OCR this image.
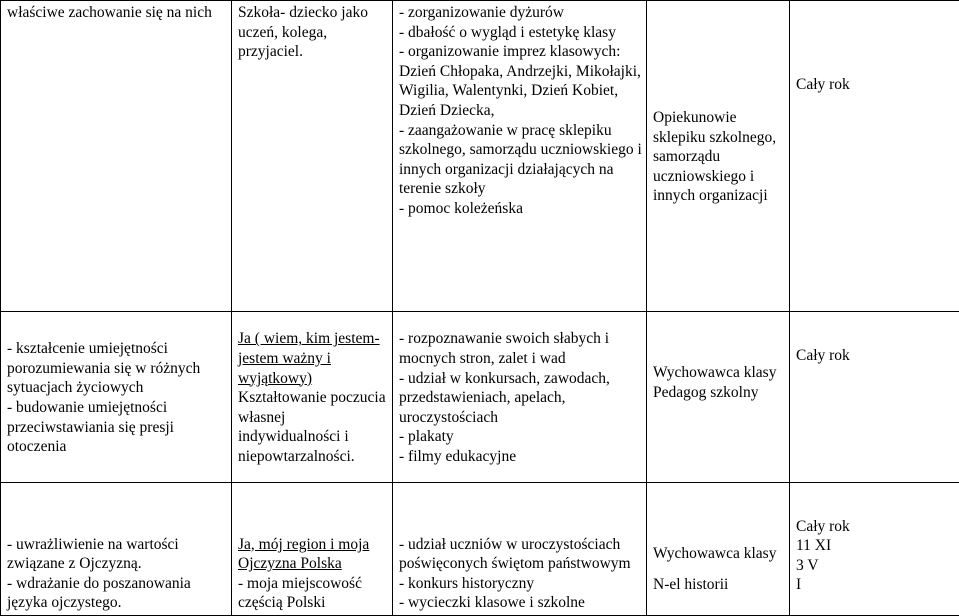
właściwe zachowanie się na nich	Szkoła- dziecko jako uczeń, kolega, przyjaciel.	- zorganizowanie dyżurów
- dbałość o wygląd i estetykę klasy
- organizowanie imprez klasowych: Dzień Chłopaka, Andrzejki, Mikołajki, Wigilia, Walentynki, Dzień Kobiet, Dzień Dziecka,
- zaangażowanie w pracę sklepiku szkolnego, samorządu uczniowskiego i innych organizacji działających na terenie szkoły
- pomoc koleżeńska	Opiekunowie sklepiku szkolnego, samorządu uczniowskiego i innych organizacji	Cały rok

- kształcenie umiejętności porozumiewania się w różnych sytuacjach życiowych
- budowanie umiejętności przeciwstawiania się presji otoczenia	Ja ( wiem, kim jestem- jestem ważny i wyjątkowy)
Kształtowanie poczucia własnej indywidualności i niepowtarzalności.	- rozpoznawanie swoich słabych i mocnych stron, zalet i wad
- udział w konkursach, zawodach, przedstawieniach, apelach, uroczystościach
- plakaty
- filmy edukacyjne	Wychowawca klasy
Pedagog szkolny	Cały rok

- uwrażliwienie na wartości związane z Ojczyzną.
- wdrażanie do poszanowania języka ojczystego.	Ja, mój region i moja Ojczyzna Polska
- moja miejscowość częścią Polski	- udział uczniów w uroczystościach poświęconych świętom państwowym
- konkurs historyczny
- wycieczki klasowe i szkolne	Wychowawca klasy
N-el historii	Cały rok
11 XI
3 V
I
